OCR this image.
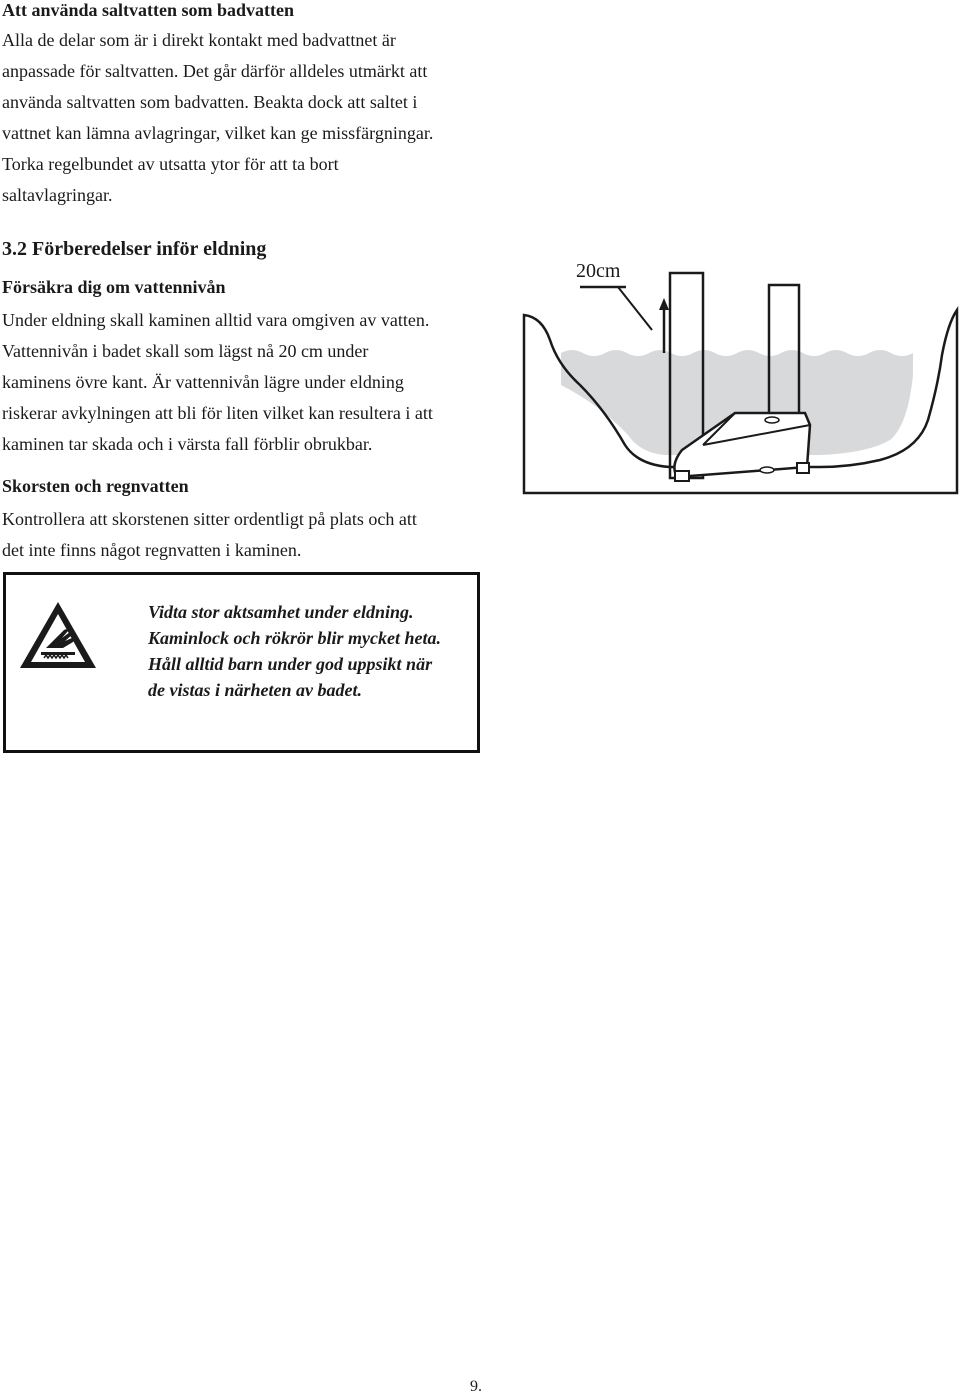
Att använda saltvatten som badvatten
Alla de delar som är i direkt kontakt med badvattnet är
anpassade för saltvatten. Det går därför alldeles utmärkt att
använda saltvatten som badvatten. Beakta dock att saltet i
vattnet kan lämna avlagringar, vilket kan ge missfärgningar.
Torka regelbundet av utsatta ytor för att ta bort
saltavlagringar.
3.2 Förberedelser inför eldning
Försäkra dig om vattennivån
Under eldning skall kaminen alltid vara omgiven av vatten.
Vattennivån i badet skall som lägst nå 20 cm under
kaminens övre kant. Är vattennivån lägre under eldning
riskerar avkylningen att bli för liten vilket kan resultera i att
kaminen tar skada och i värsta fall förblir obrukbar.
Skorsten och regnvatten
Kontrollera att skorstenen sitter ordentligt på plats och att
det inte finns något regnvatten i kaminen.
20cm
Vidta stor aktsamhet under eldning.
Kaminlock och rökrör blir mycket heta.
Håll alltid barn under god uppsikt när
de vistas i närheten av badet.
9.
